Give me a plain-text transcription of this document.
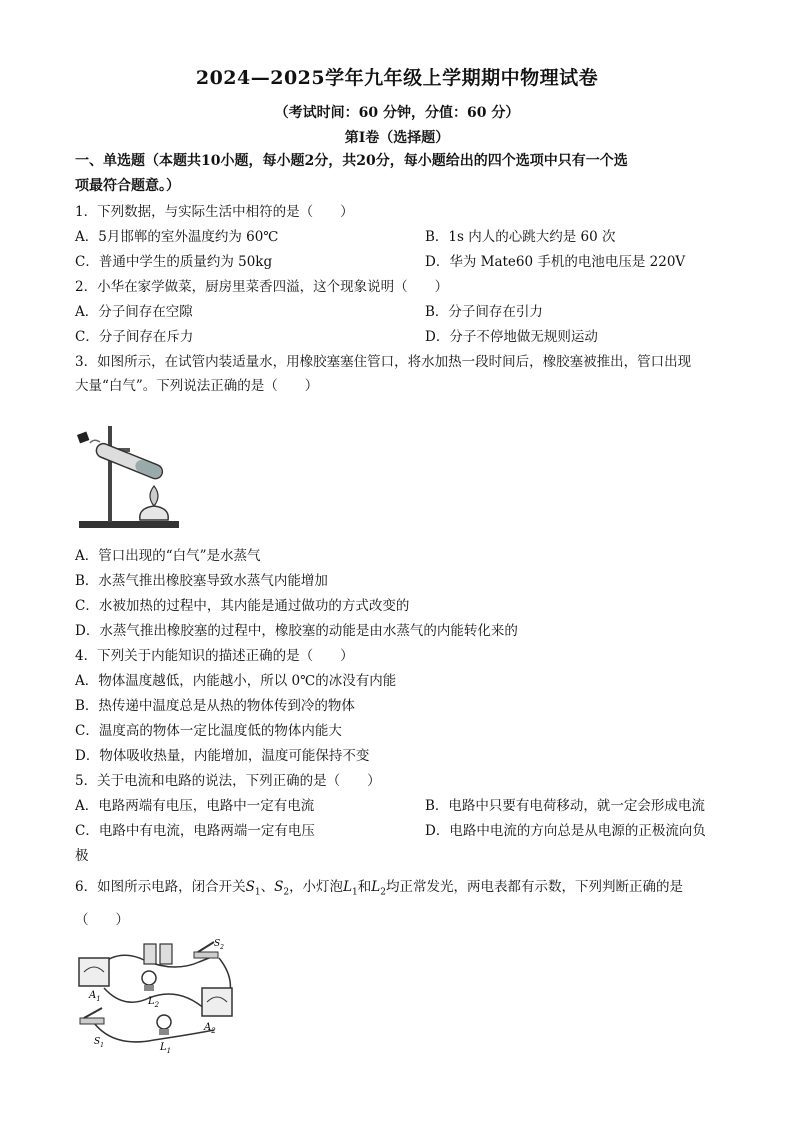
2024—2025学年九年级上学期期中物理试卷
（考试时间：60 分钟，分值：60 分）
第Ⅰ卷（选择题）
一、单选题（本题共10小题，每小题2分，共20分，每小题给出的四个选项中只有一个选
项最符合题意。）
1．下列数据，与实际生活中相符的是（　　）
A．5月邯郸的室外温度约为 60℃	B．1s 内人的心跳大约是 60 次
C．普通中学生的质量约为 50kg	D．华为 Mate60 手机的电池电压是 220V
2．小华在家学做菜，厨房里菜香四溢，这个现象说明（　　）
A．分子间存在空隙	B．分子间存在引力
C．分子间存在斥力	D．分子不停地做无规则运动
3．如图所示，在试管内装适量水，用橡胶塞塞住管口，将水加热一段时间后，橡胶塞被推出，管口出现
大量“白气”。下列说法正确的是（　　）
A．管口出现的“白气”是水蒸气
B．水蒸气推出橡胶塞导致水蒸气内能增加
C．水被加热的过程中，其内能是通过做功的方式改变的
D．水蒸气推出橡胶塞的过程中，橡胶塞的动能是由水蒸气的内能转化来的
4．下列关于内能知识的描述正确的是（　　）
A．物体温度越低，内能越小，所以 0℃的冰没有内能
B．热传递中温度总是从热的物体传到冷的物体
C．温度高的物体一定比温度低的物体内能大
D．物体吸收热量，内能增加，温度可能保持不变
5．关于电流和电路的说法，下列正确的是（　　）
A．电路两端有电压，电路中一定有电流	B．电路中只要有电荷移动，就一定会形成电流
C．电路中有电流，电路两端一定有电压	D．电路中电流的方向总是从电源的正极流向负
极
6．如图所示电路，闭合开关$S_1$、$S_2$，小灯泡$L_1$和$L_2$均正常发光，两电表都有示数，下列判断正确的是
（　　）
$A_1$
$A_2$
$L_2$
$L_1$
$S_2$
$S_1$
